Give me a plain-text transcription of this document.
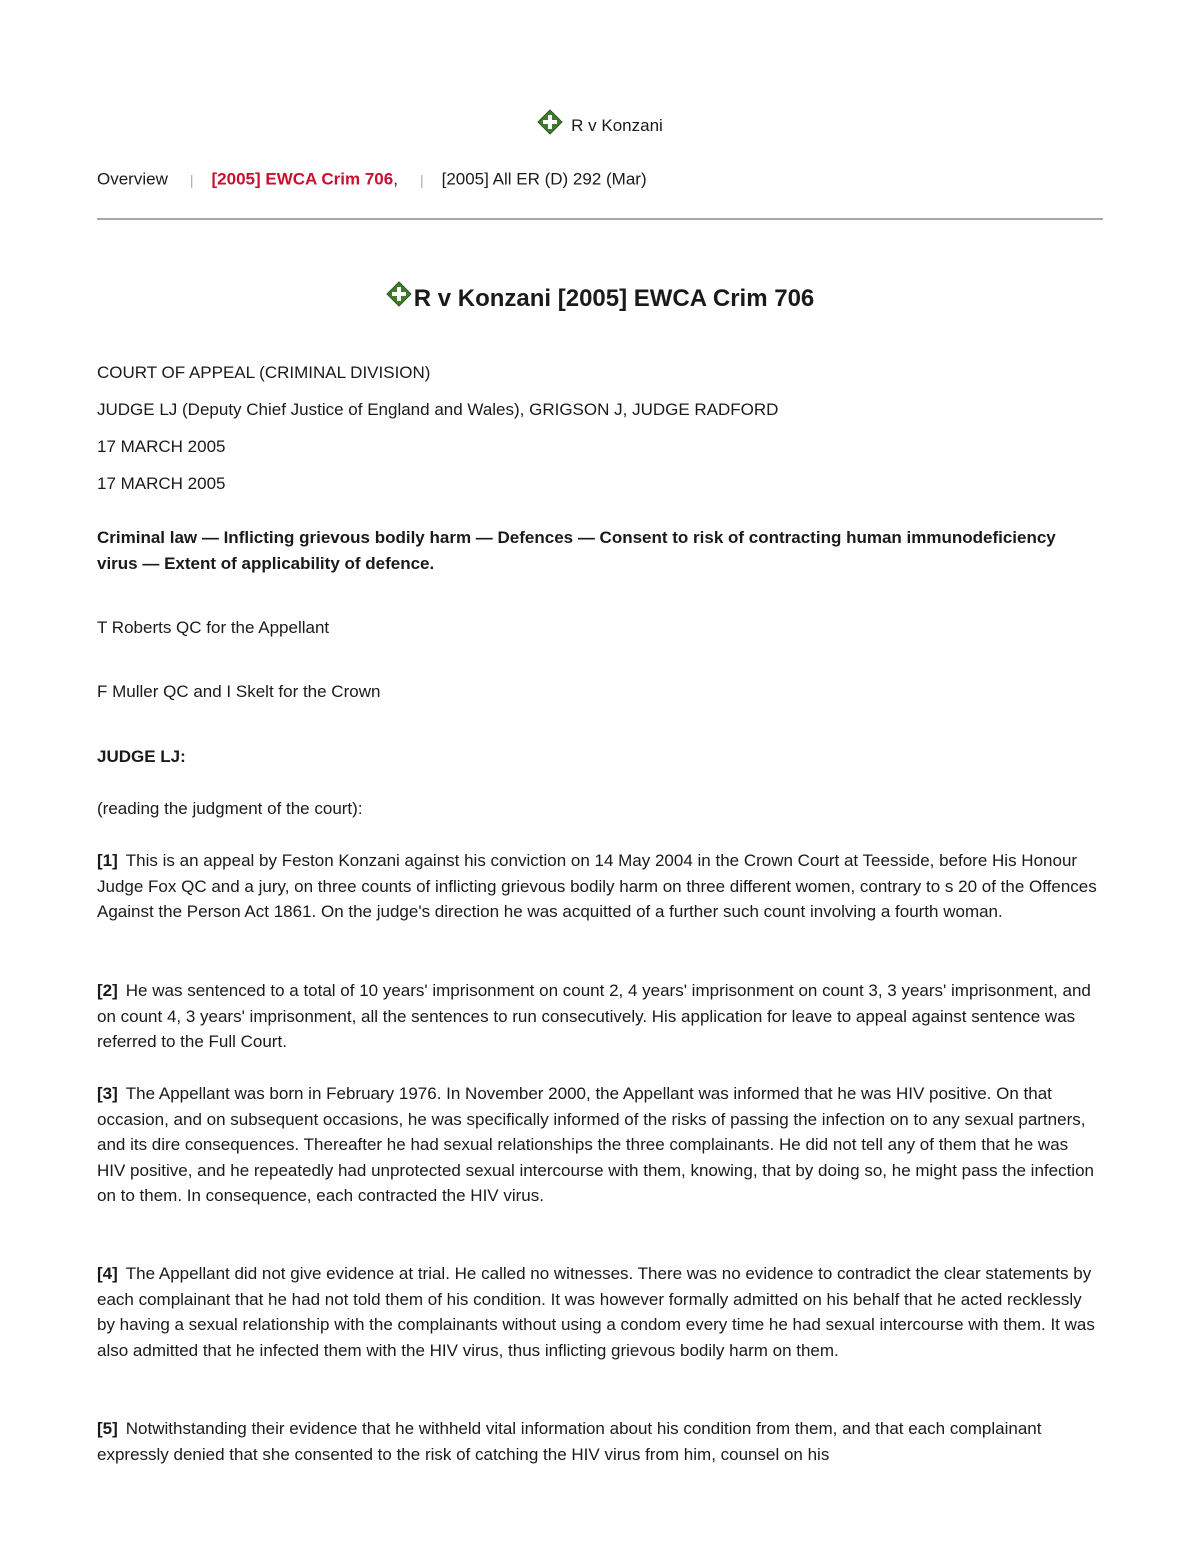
R v Konzani
Overview | [2005] EWCA Crim 706, | [2005] All ER (D) 292 (Mar)
R v Konzani [2005] EWCA Crim 706
COURT OF APPEAL (CRIMINAL DIVISION)
JUDGE LJ (Deputy Chief Justice of England and Wales), GRIGSON J, JUDGE RADFORD
17 MARCH 2005
17 MARCH 2005
Criminal law — Inflicting grievous bodily harm — Defences — Consent to risk of contracting human immunodeficiency virus — Extent of applicability of defence.
T Roberts QC for the Appellant
F Muller QC and I Skelt for the Crown
JUDGE LJ:
(reading the judgment of the court):
[1] This is an appeal by Feston Konzani against his conviction on 14 May 2004 in the Crown Court at Teesside, before His Honour Judge Fox QC and a jury, on three counts of inflicting grievous bodily harm on three different women, contrary to s 20 of the Offences Against the Person Act 1861. On the judge's direction he was acquitted of a further such count involving a fourth woman.
[2] He was sentenced to a total of 10 years' imprisonment on count 2, 4 years' imprisonment on count 3, 3 years' imprisonment, and on count 4, 3 years' imprisonment, all the sentences to run consecutively. His application for leave to appeal against sentence was referred to the Full Court.
[3] The Appellant was born in February 1976. In November 2000, the Appellant was informed that he was HIV positive. On that occasion, and on subsequent occasions, he was specifically informed of the risks of passing the infection on to any sexual partners, and its dire consequences. Thereafter he had sexual relationships the three complainants. He did not tell any of them that he was HIV positive, and he repeatedly had unprotected sexual intercourse with them, knowing, that by doing so, he might pass the infection on to them. In consequence, each contracted the HIV virus.
[4] The Appellant did not give evidence at trial. He called no witnesses. There was no evidence to contradict the clear statements by each complainant that he had not told them of his condition. It was however formally admitted on his behalf that he acted recklessly by having a sexual relationship with the complainants without using a condom every time he had sexual intercourse with them. It was also admitted that he infected them with the HIV virus, thus inflicting grievous bodily harm on them.
[5] Notwithstanding their evidence that he withheld vital information about his condition from them, and that each complainant expressly denied that she consented to the risk of catching the HIV virus from him, counsel on his
